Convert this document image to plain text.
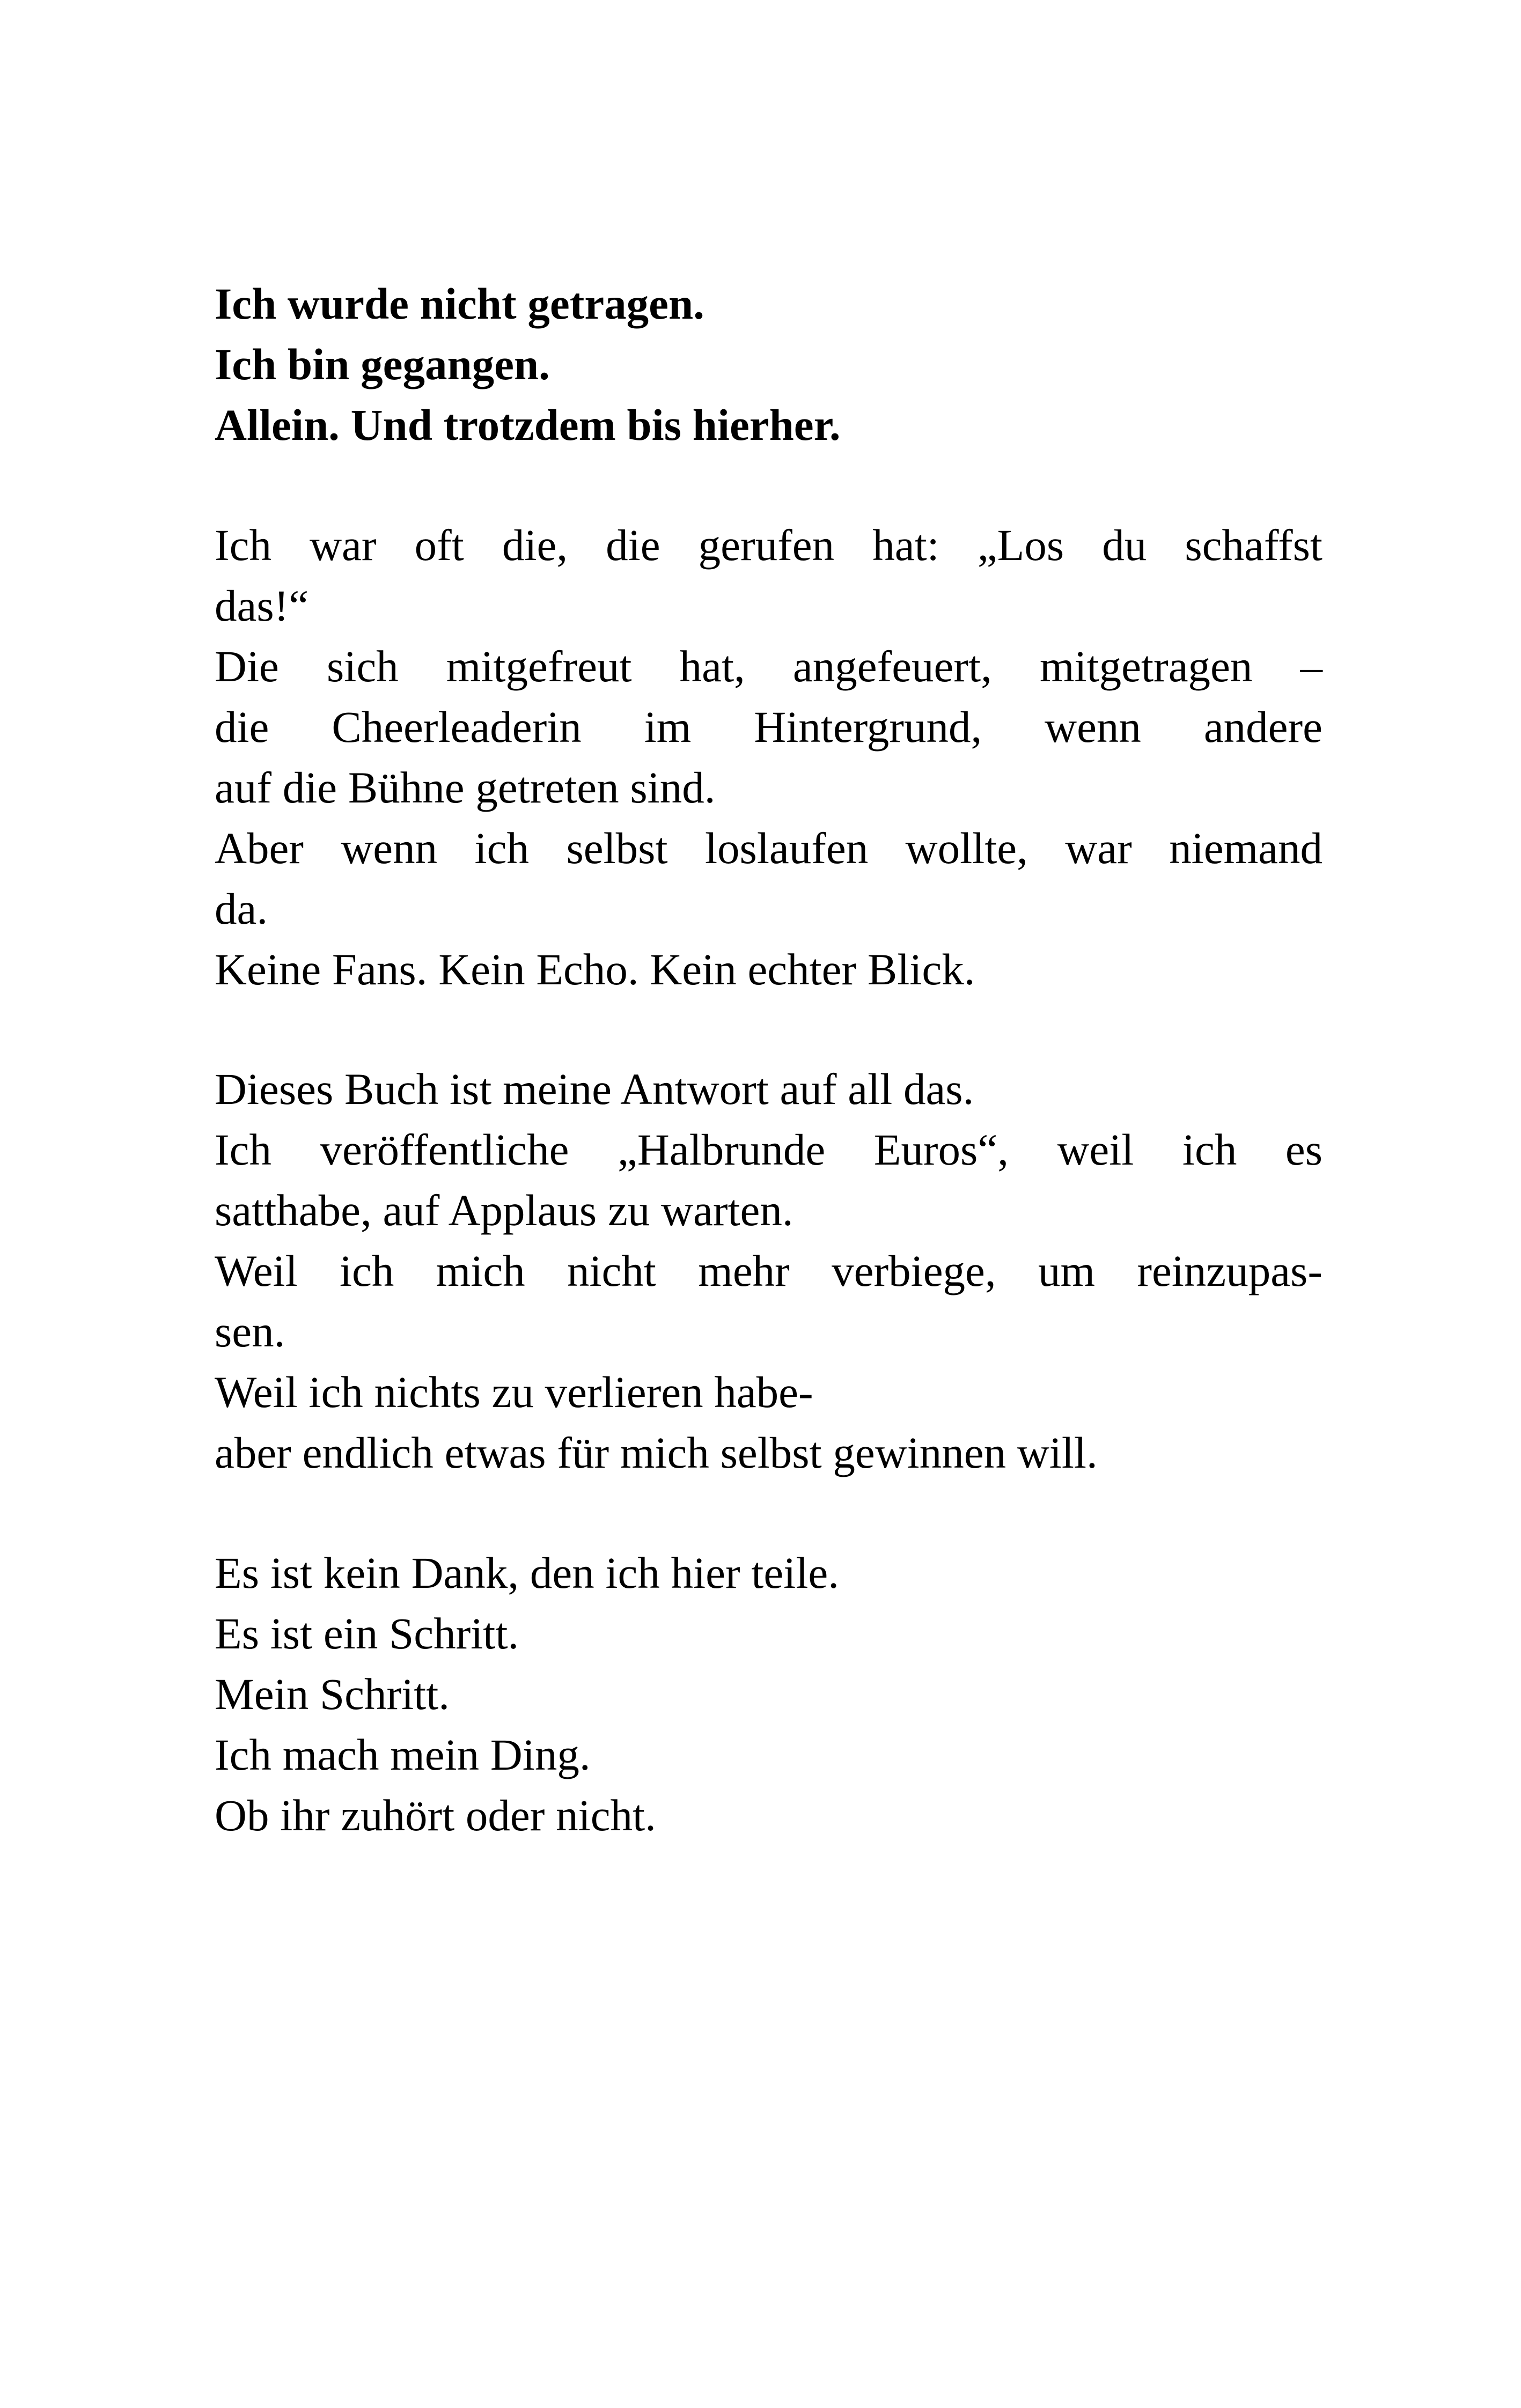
Ich wurde nicht getragen.
Ich bin gegangen.
Allein. Und trotzdem bis hierher.
Ich war oft die, die gerufen hat: „Los du schaffst
das!“
Die sich mitgefreut hat, angefeuert, mitgetragen –
die Cheerleaderin im Hintergrund, wenn andere
auf die Bühne getreten sind.
Aber wenn ich selbst loslaufen wollte, war niemand
da.
Keine Fans. Kein Echo. Kein echter Blick.
Dieses Buch ist meine Antwort auf all das.
Ich veröffentliche „Halbrunde Euros“, weil ich es
satthabe, auf Applaus zu warten.
Weil ich mich nicht mehr verbiege, um reinzupas-
sen.
Weil ich nichts zu verlieren habe-
aber endlich etwas für mich selbst gewinnen will.
Es ist kein Dank, den ich hier teile.
Es ist ein Schritt.
Mein Schritt.
Ich mach mein Ding.
Ob ihr zuhört oder nicht.
